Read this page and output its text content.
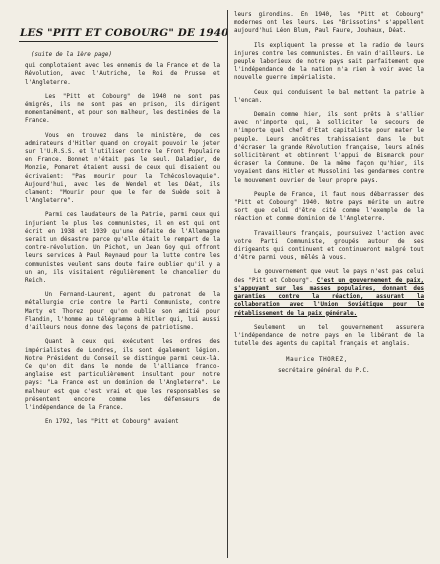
LES "PITT ET COBOURG" DE 1940

(suite de la 1ère page)

qui complotaient avec les ennemis de la France et de la Révolution, avec l'Autriche, le Roi de Prusse et l'Angleterre.

Les "Pitt et Cobourg" de 1940 ne sont pas émigrés, ils ne sont pas en prison, ils dirigent momentanément, et pour son malheur, les destinées de la France.

Vous en trouvez dans le ministère, de ces admirateurs d'Hitler quand on croyait pouvoir le jeter sur l'U.R.S.S. et l'utiliser contre le Front Populaire en France. Bonnet n'était pas le seul. Daladier, de Monzie, Pomaret étaient aussi de ceux qui disaient ou écrivaient: "Pas mourir pour la Tchécoslovaquie". Aujourd'hui, avec les de Wendel et les Déat, ils clament: "Mourir pour que le fer de Suède soit à l'Angleterre".

Parmi ces laudateurs de la Patrie, parmi ceux qui injurient le plus les communistes, il en est qui ont écrit en 1938 et 1939 qu'une défaite de l'Allemagne serait un désastre parce qu'elle était le rempart de la contre-révolution. Un Pichot, un Jean Goy qui offront leurs services à Paul Reynaud pour la lutte contre les communistes veulent sans doute faire oublier qu'il y a un an, ils visitaient régulièrement le chancelier du Reich.

Un Fernand-Laurent, agent du patronat de la métallurgie crie contre le Parti Communiste, contre Marty et Thorez pour qu'on oublie son amitié pour Flandin, l'homme au télégramme à Hitler qui, lui aussi d'ailleurs nous donne des leçons de patriotisme.

Quant à ceux qui exécutent les ordres des impérialistes de Londres, ils sont également légion. Notre Président du Conseil se distingue parmi ceux-là. Ce qu'on dit dans le monde de l'alliance franco-anglaise est particulièrement insultant pour notre pays: "La France est un dominion de l'Angleterre". Le malheur est que c'est vrai et que les responsables se présentent encore comme les défenseurs de l'indépendance de la France.

En 1792, les "Pitt et Cobourg" avaient

leurs girondins. En 1940, les "Pitt et Cobourg" modernes ont les leurs. Les "Brissotins" s'appellent aujourd'hui Léon Blum, Paul Faure, Jouhaux, Déat.

Ils expliquent la presse et la radio de leurs injures contre les communistes. En vain d'ailleurs. Le peuple laborieux de notre pays sait parfaitement que l'indépendance de la nation n'a rien à voir avec la nouvelle guerre impérialiste.

Ceux qui conduisent le bal mettent la patrie à l'encan.

Demain comme hier, ils sont prêts à s'allier avec n'importe qui, à solliciter le secours de n'importe quel chef d'Etat capitaliste pour mater le peuple. Leurs ancêtres trahissaient dans le but d'écraser la grande Révolution française, leurs aînés sollicitèrent et obtinrent l'appui de Bismarck pour écraser la Commune. De la même façon qu'hier, ils voyaient dans Hitler et Mussolini les gendarmes contre le mouvement ouvrier de leur propre pays.

Peuple de France, il faut nous débarrasser des "Pitt et Cobourg" 1940. Notre pays mérite un autre sort que celui d'être cité comme l'exemple de la réaction et comme dominion de l'Angleterre.

Travailleurs français, poursuivez l'action avec votre Parti Communiste, groupés autour de ses dirigeants qui continuent et continueront malgré tout d'être parmi vous, mêlés à vous.

Le gouvernement que veut le pays n'est pas celui des "Pitt et Cobourg". C'est un gouvernement de paix, s'appuyant sur les masses populaires, donnant des garanties contre la réaction, assurant la collaboration avec l'Union Soviétique pour le rétablissement de la paix générale.

Seulement un tel gouvernement assurera l'indépendance de notre pays en le libérant de la tutelle des agents du capital français et anglais.

Maurice THOREZ,

secrétaire général du P.C.
